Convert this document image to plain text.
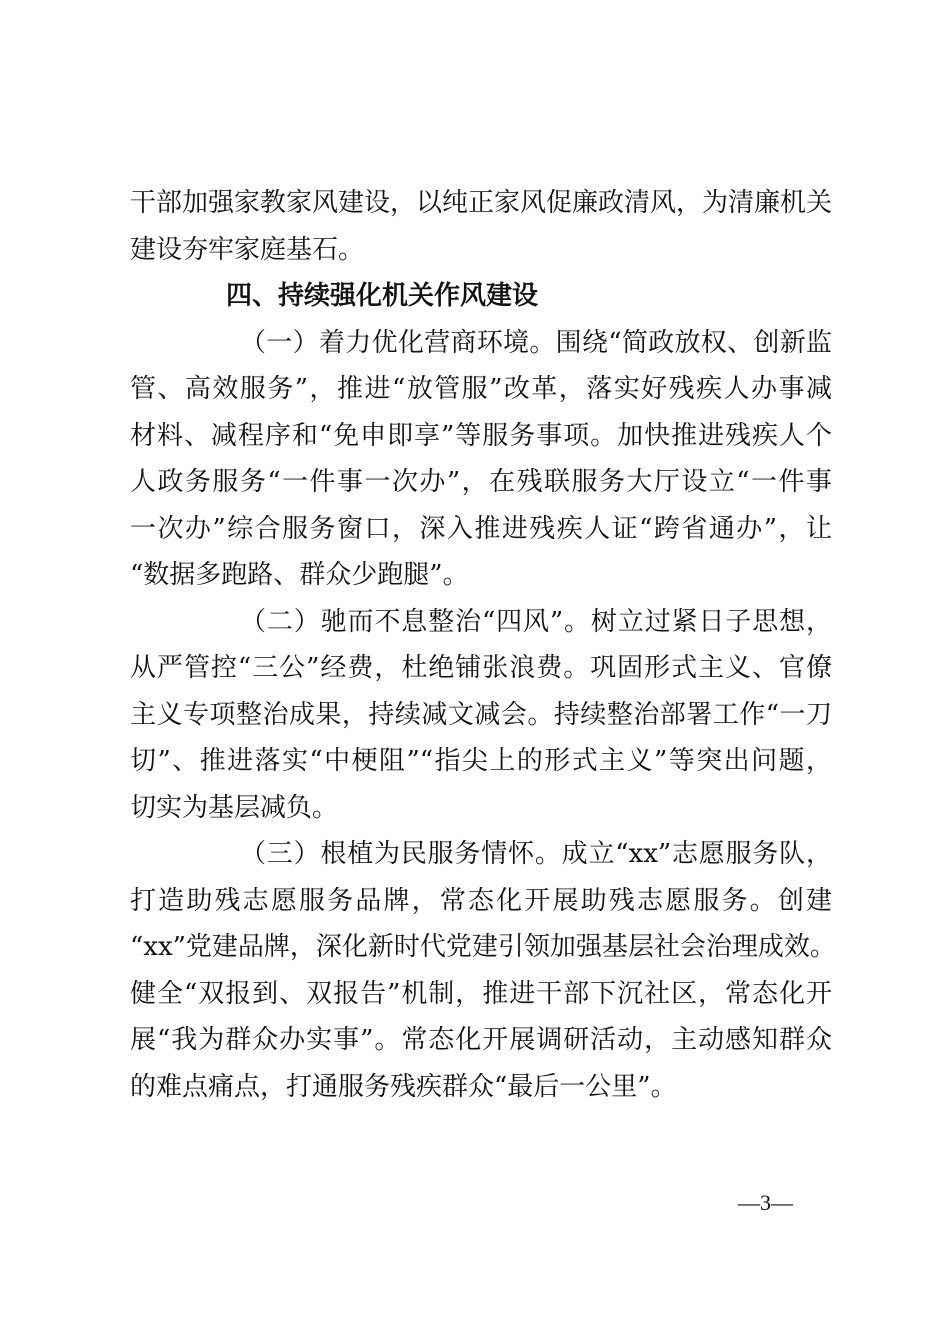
干部加强家教家风建设，以纯正家风促廉政清风，为清廉机关
建设夯牢家庭基石。
四、持续强化机关作风建设
（一）着力优化营商环境。围绕“简政放权、创新监
管、高效服务”，推进“放管服”改革，落实好残疾人办事减
材料、减程序和“免申即享”等服务事项。加快推进残疾人个
人政务服务“一件事一次办”，在残联服务大厅设立“一件事
一次办”综合服务窗口，深入推进残疾人证“跨省通办”，让
“数据多跑路、群众少跑腿”。
（二）驰而不息整治“四风”。树立过紧日子思想，
从严管控“三公”经费，杜绝铺张浪费。巩固形式主义、官僚
主义专项整治成果，持续减文减会。持续整治部署工作“一刀
切”、推进落实“中梗阻”“指尖上的形式主义”等突出问题，
切实为基层减负。
（三）根植为民服务情怀。成立“xx”志愿服务队，
打造助残志愿服务品牌，常态化开展助残志愿服务。创建
“xx”党建品牌，深化新时代党建引领加强基层社会治理成效。
健全“双报到、双报告”机制，推进干部下沉社区，常态化开
展“我为群众办实事”。常态化开展调研活动，主动感知群众
的难点痛点，打通服务残疾群众“最后一公里”。
—3—
